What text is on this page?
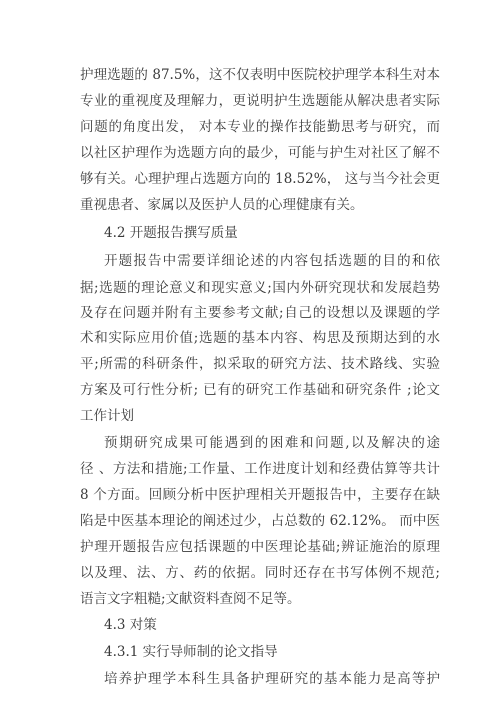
护理选题的 87.5%，这不仅表明中医院校护理学本科生对本
专业的重视度及理解力，更说明护生选题能从解决患者实际
问题的角度出发， 对本专业的操作技能勤思考与研究，而
以社区护理作为选题方向的最少，可能与护生对社区了解不
够有关。心理护理占选题方向的 18.52%， 这与当今社会更
重视患者、家属以及医护人员的心理健康有关。
4.2 开题报告撰写质量
开题报告中需要详细论述的内容包括选题的目的和依
据;选题的理论意义和现实意义;国内外研究现状和发展趋势
及存在问题并附有主要参考文献;自己的设想以及课题的学
术和实际应用价值;选题的基本内容、构思及预期达到的水
平;所需的科研条件，拟采取的研究方法、技术路线、实验
方案及可行性分析; 已有的研究工作基础和研究条件 ;论文
工作计划
预期研究成果可能遇到的困难和问题,以及解决的途
径 、方法和措施;工作量、工作进度计划和经费估算等共计
8 个方面。回顾分析中医护理相关开题报告中，主要存在缺
陷是中医基本理论的阐述过少，占总数的 62.12%。 而中医
护理开题报告应包括课题的中医理论基础;辨证施治的原理
以及理、法、方、药的依据。同时还存在书写体例不规范;
语言文字粗糙;文献资料查阅不足等。
4.3 对策
4.3.1 实行导师制的论文指导
培养护理学本科生具备护理研究的基本能力是高等护
